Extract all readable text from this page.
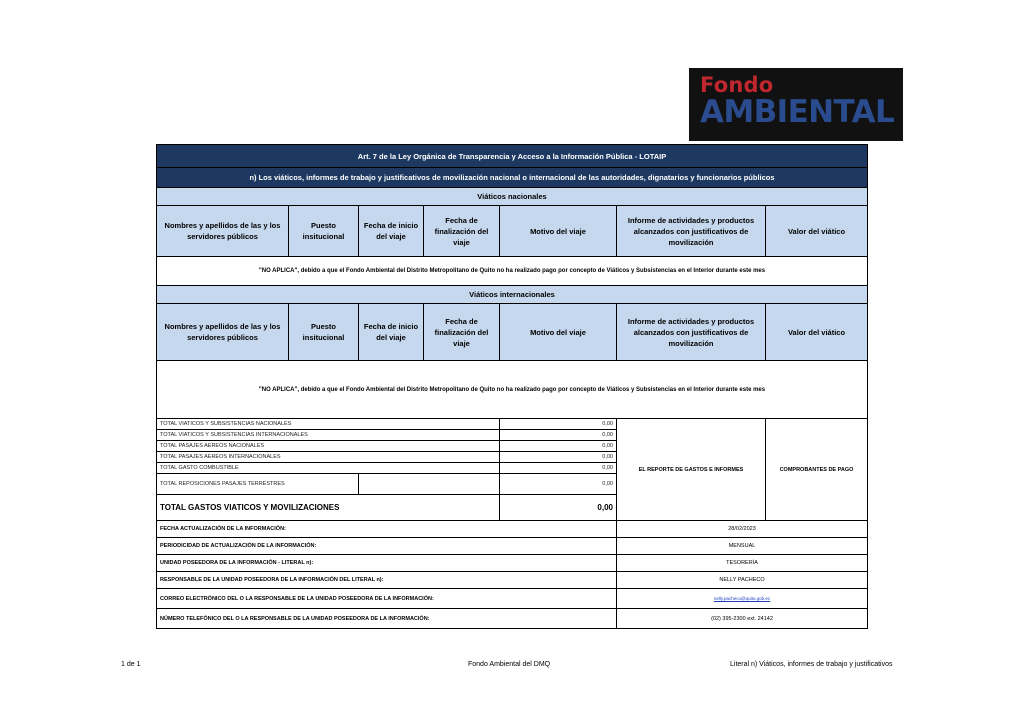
Fondo
AMBIENTAL
Art. 7 de la Ley Orgánica de Transparencia y Acceso a la Información Pública - LOTAIP						
n) Los viáticos, informes de trabajo y justificativos de movilización nacional o internacional de las autoridades, dignatarios y funcionarios públicos						
Viáticos nacionales						
Nombres y apellidos de las y los servidores públicos	Puesto insitucional	Fecha de inicio del viaje	Fecha de finalización del viaje	Motivo del viaje	Informe de actividades y productos alcanzados con justificativos de movilización	Valor del viático
"NO APLICA", debido a que el Fondo Ambiental del Distrito Metropolitano de Quito no ha realizado pago por concepto de Viáticos y Subsistencias en el Interior durante este mes						
Viáticos internacionales						
Nombres y apellidos de las y los servidores públicos	Puesto insitucional	Fecha de inicio del viaje	Fecha de finalización del viaje	Motivo del viaje	Informe de actividades y productos alcanzados con justificativos de movilización	Valor del viático
"NO APLICA", debido a que el Fondo Ambiental del Distrito Metropolitano de Quito no ha realizado pago por concepto de Viáticos y Subsistencias en el Interior durante este mes						
TOTAL VIATICOS Y SUBSISTENCIAS NACIONALES				0,00	EL REPORTE DE GASTOS E INFORMES	COMPROBANTES DE PAGO
TOTAL VIATICOS Y SUBSISTENCIAS INTERNACIONALES				0,00		
TOTAL PASAJES AEREOS NACIONALES				0,00		
TOTAL PASAJES AEREOS INTERNACIONALES				0,00		
TOTAL GASTO COMBUSTIBLE				0,00		
TOTAL REPOSICIONES PASAJES TERRESTRES				0,00		
TOTAL GASTOS VIATICOS Y MOVILIZACIONES				0,00		
FECHA ACTUALIZACIÓN DE LA INFORMACIÓN:					28/02/2023	
PERIODICIDAD DE ACTUALIZACIÓN DE LA INFORMACIÓN:					MENSUAL	
UNIDAD POSEEDORA DE LA INFORMACIÓN - LITERAL n):					TESORERÍA	
RESPONSABLE DE LA UNIDAD POSEEDORA DE LA INFORMACIÓN DEL LITERAL n):					NELLY PACHECO	
CORREO ELECTRÓNICO DEL O LA RESPONSABLE DE LA UNIDAD POSEEDORA DE LA INFORMACIÓN:					nelly.pacheco@quito.gob.ec	
NÚMERO TELEFÓNICO DEL O LA RESPONSABLE DE LA UNIDAD POSEEDORA DE LA INFORMACIÓN:					(02) 395-2300 ext. 24142	
1 de 1	Fondo Ambiental del DMQ	Literal n) Viáticos, informes de trabajo y justificativos
